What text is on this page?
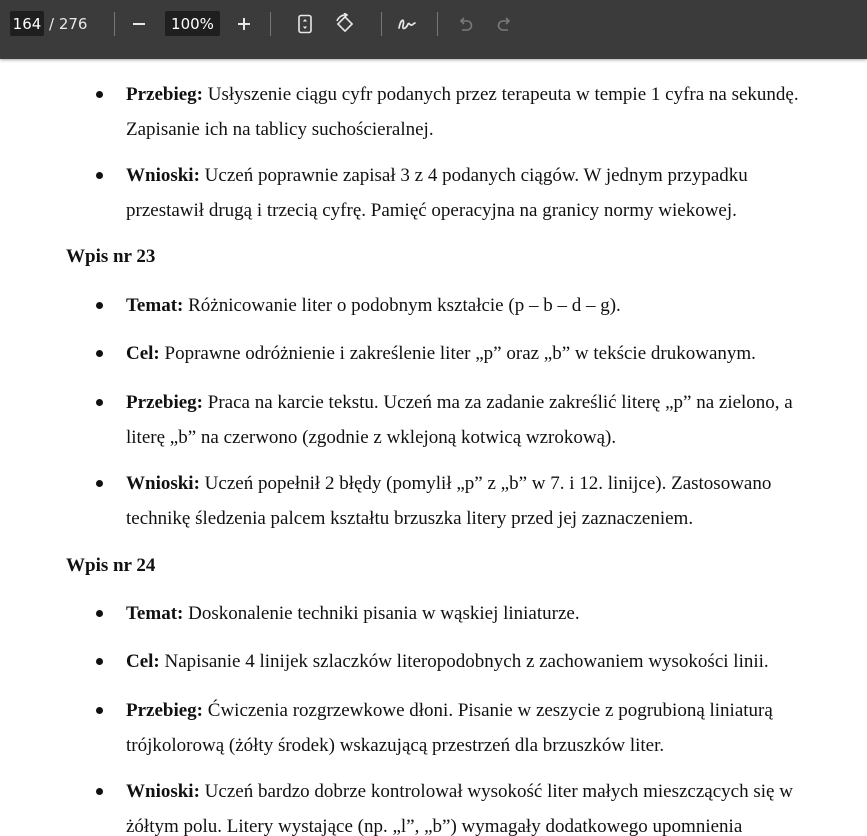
164 / 276	100%
Przebieg: Usłyszenie ciągu cyfr podanych przez terapeuta w tempie 1 cyfra na sekundę. Zapisanie ich na tablicy suchościeralnej.
Wnioski: Uczeń poprawnie zapisał 3 z 4 podanych ciągów. W jednym przypadku przestawił drugą i trzecią cyfrę. Pamięć operacyjna na granicy normy wiekowej.
Wpis nr 23
Temat: Różnicowanie liter o podobnym kształcie (p – b – d – g).
Cel: Poprawne odróżnienie i zakreślenie liter „p” oraz „b” w tekście drukowanym.
Przebieg: Praca na karcie tekstu. Uczeń ma za zadanie zakreślić literę „p” na zielono, a literę „b” na czerwono (zgodnie z wklejoną kotwicą wzrokową).
Wnioski: Uczeń popełnił 2 błędy (pomylił „p” z „b” w 7. i 12. linijce). Zastosowano technikę śledzenia palcem kształtu brzuszka litery przed jej zaznaczeniem.
Wpis nr 24
Temat: Doskonalenie techniki pisania w wąskiej liniaturze.
Cel: Napisanie 4 linijek szlaczków literopodobnych z zachowaniem wysokości linii.
Przebieg: Ćwiczenia rozgrzewkowe dłoni. Pisanie w zeszycie z pogrubioną liniaturą trójkolorową (żółty środek) wskazującą przestrzeń dla brzuszków liter.
Wnioski: Uczeń bardzo dobrze kontrolował wysokość liter małych mieszczących się w żółtym polu. Litery wystające (np. „l”, „b”) wymagały dodatkowego upomnienia
